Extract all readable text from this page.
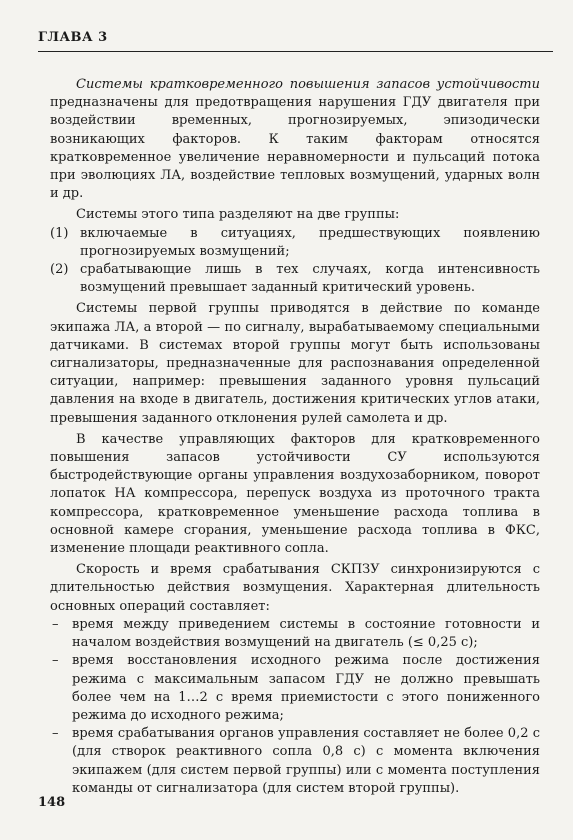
ГЛАВА 3

Системы кратковременного повышения запасов устойчивости предназначены для предотвращения нарушения ГДУ двигателя при воздействии временных, прогнозируемых, эпизодически возникающих факторов. К таким факторам относятся кратковременное увеличение неравномерности и пульсаций потока при эволюциях ЛА, воздействие тепловых возмущений, ударных волн и др.

Системы этого типа разделяют на две группы:

(1) включаемые в ситуациях, предшествующих появлению прогнозируемых возмущений;
(2) срабатывающие лишь в тех случаях, когда интенсивность возмущений превышает заданный критический уровень.

Системы первой группы приводятся в действие по команде экипажа ЛА, а второй — по сигналу, вырабатываемому специальными датчиками. В системах второй группы могут быть использованы сигнализаторы, предназначенные для распознавания определенной ситуации, например: превышения заданного уровня пульсаций давления на входе в двигатель, достижения критических углов атаки, превышения заданного отклонения рулей самолета и др.

В качестве управляющих факторов для кратковременного повышения запасов устойчивости СУ используются быстродействующие органы управления воздухозаборником, поворот лопаток НА компрессора, перепуск воздуха из проточного тракта компрессора, кратковременное уменьшение расхода топлива в основной камере сгорания, уменьшение расхода топлива в ФКС, изменение площади реактивного сопла.

Скорость и время срабатывания СКПЗУ синхронизируются с длительностью действия возмущения. Характерная длительность основных операций составляет:

– время между приведением системы в состояние готовности и началом воздействия возмущений на двигатель (≤ 0,25 с);
– время восстановления исходного режима после достижения режима с максимальным запасом ГДУ не должно превышать более чем на 1…2 с время приемистости с этого пониженного режима до исходного режима;
– время срабатывания органов управления составляет не более 0,2 с (для створок реактивного сопла 0,8 с) с момента включения экипажем (для систем первой группы) или с момента поступления команды от сигнализатора (для систем второй группы).
148
